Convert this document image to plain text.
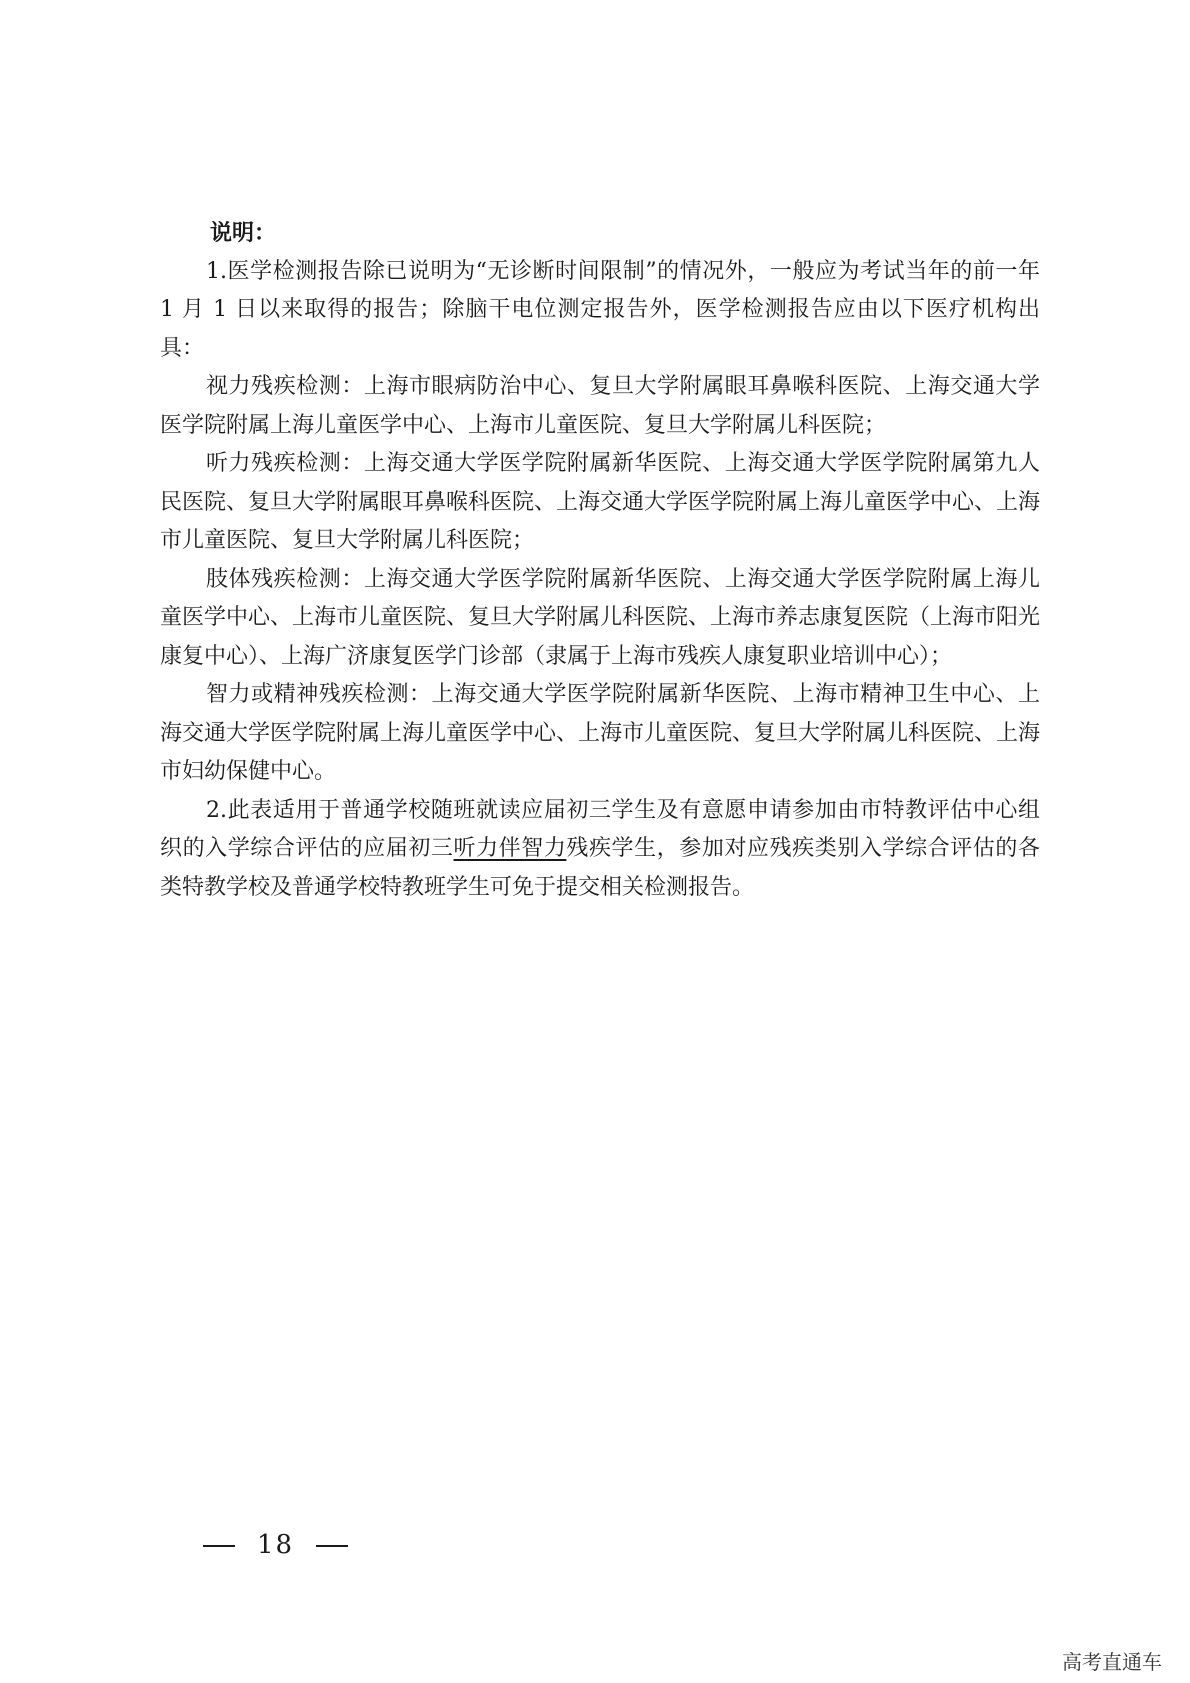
说明：

1.医学检测报告除已说明为“无诊断时间限制”的情况外，一般应为考试当年的前一年 1 月 1 日以来取得的报告；除脑干电位测定报告外，医学检测报告应由以下医疗机构出具：

视力残疾检测：上海市眼病防治中心、复旦大学附属眼耳鼻喉科医院、上海交通大学医学院附属上海儿童医学中心、上海市儿童医院、复旦大学附属儿科医院；

听力残疾检测：上海交通大学医学院附属新华医院、上海交通大学医学院附属第九人民医院、复旦大学附属眼耳鼻喉科医院、上海交通大学医学院附属上海儿童医学中心、上海市儿童医院、复旦大学附属儿科医院；

肢体残疾检测：上海交通大学医学院附属新华医院、上海交通大学医学院附属上海儿童医学中心、上海市儿童医院、复旦大学附属儿科医院、上海市养志康复医院（上海市阳光康复中心）、上海广济康复医学门诊部（隶属于上海市残疾人康复职业培训中心）；

智力或精神残疾检测：上海交通大学医学院附属新华医院、上海市精神卫生中心、上海交通大学医学院附属上海儿童医学中心、上海市儿童医院、复旦大学附属儿科医院、上海市妇幼保健中心。

2.此表适用于普通学校随班就读应届初三学生及有意愿申请参加由市特教评估中心组织的入学综合评估的应届初三听力伴智力残疾学生，参加对应残疾类别入学综合评估的各类特教学校及普通学校特教班学生可免于提交相关检测报告。

18
高考直通车
